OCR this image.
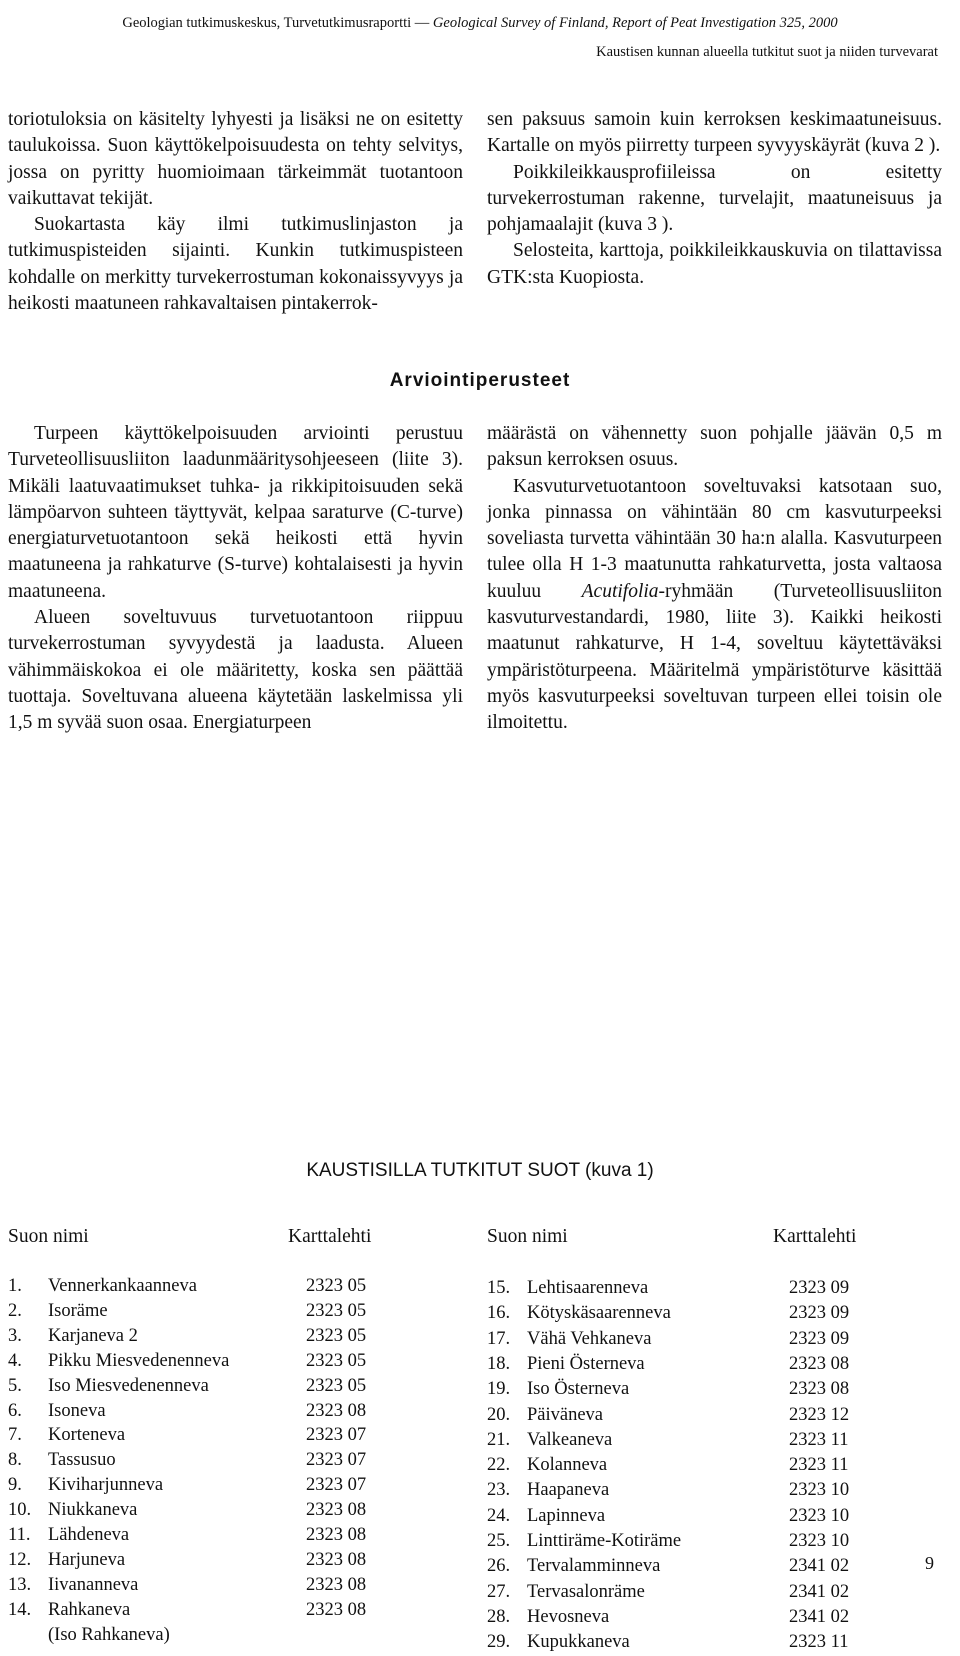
Geologian tutkimuskeskus, Turvetutkimusraportti — Geological Survey of Finland, Report of Peat Investigation 325, 2000
Kaustisen kunnan alueella tutkitut suot ja niiden turvevarat

toriotuloksia on käsitelty lyhyesti ja lisäksi ne on esitetty taulukoissa. Suon käyttökelpoisuudesta on tehty selvitys, jossa on pyritty huomioimaan tärkeimmät tuotantoon vaikuttavat tekijät.

Suokartasta käy ilmi tutkimuslinjaston ja tutkimuspisteiden sijainti. Kunkin tutkimuspisteen kohdalle on merkitty turvekerrostuman kokonaissyvyys ja heikosti maatuneen rahkavaltaisen pintakerrok-

sen paksuus samoin kuin kerroksen keskimaatuneisuus. Kartalle on myös piirretty turpeen syvyyskäyrät (kuva 2 ).

Poikkileikkausprofiileissa on esitetty turvekerrostuman rakenne, turvelajit, maatuneisuus ja pohjamaalajit (kuva 3 ).

Selosteita, karttoja, poikkileikkauskuvia on tilattavissa GTK:sta Kuopiosta.

Arviointiperusteet

Turpeen käyttökelpoisuuden arviointi perustuu Turveteollisuusliiton laadunmääritysohjeeseen (liite 3). Mikäli laatuvaatimukset tuhka- ja rikkipitoisuuden sekä lämpöarvon suhteen täyttyvät, kelpaa saraturve (C-turve) energiaturvetuotantoon sekä heikosti että hyvin maatuneena ja rahkaturve (S-turve) kohtalaisesti ja hyvin maatuneena.

Alueen soveltuvuus turvetuotantoon riippuu turvekerrostuman syvyydestä ja laadusta. Alueen vähimmäiskokoa ei ole määritetty, koska sen päättää tuottaja. Soveltuvana alueena käytetään laskelmissa yli 1,5 m syvää suon osaa. Energiaturpeen

määrästä on vähennetty suon pohjalle jäävän 0,5 m paksun kerroksen osuus.

Kasvuturvetuotantoon soveltuvaksi katsotaan suo, jonka pinnassa on vähintään 80 cm kasvuturpeeksi soveliasta turvetta vähintään 30 ha:n alalla. Kasvuturpeen tulee olla H 1-3 maatunutta rahkaturvetta, josta valtaosa kuuluu Acutifolia-ryhmään (Turveteollisuusliiton kasvuturvestandardi, 1980, liite 3). Kaikki heikosti maatunut rahkaturve, H 1-4, soveltuu käytettäväksi ympäristöturpeena. Määritelmä ympäristöturve käsittää myös kasvuturpeeksi soveltuvan turpeen ellei toisin ole ilmoitettu.

KAUSTISILLA TUTKITUT SUOT (kuva 1)
Suon nimi	Karttalehti	Suon nimi	Karttalehti
1.	Vennerkankaanneva	2323 05
2.	Isoräme	2323 05
3.	Karjaneva 2	2323 05
4.	Pikku Miesvedenenneva	2323 05
5.	Iso Miesvedenenneva	2323 05
6.	Isoneva	2323 08
7.	Korteneva	2323 07
8.	Tassusuo	2323 07
9.	Kiviharjunneva	2323 07
10. Niukkaneva	2323 08
11. Lähdeneva	2323 08
12. Harjuneva	2323 08
13. Iivananneva	2323 08
14. Rahkaneva	2323 08
(Iso Rahkaneva)
15. Lehtisaarenneva	2323 09
16. Kötyskäsaarenneva	2323 09
17. Vähä Vehkaneva	2323 09
18. Pieni Österneva	2323 08
19. Iso Österneva	2323 08
20. Päiväneva	2323 12
21. Valkeaneva	2323 11
22. Kolanneva	2323 11
23. Haapaneva	2323 10
24. Lapinneva	2323 10
25. Linttiräme-Kotiräme	2323 10
26. Tervalamminneva	2341 02
27. Tervasalonräme	2341 02
28. Hevosneva	2341 02
29. Kupukkaneva	2323 11
9
